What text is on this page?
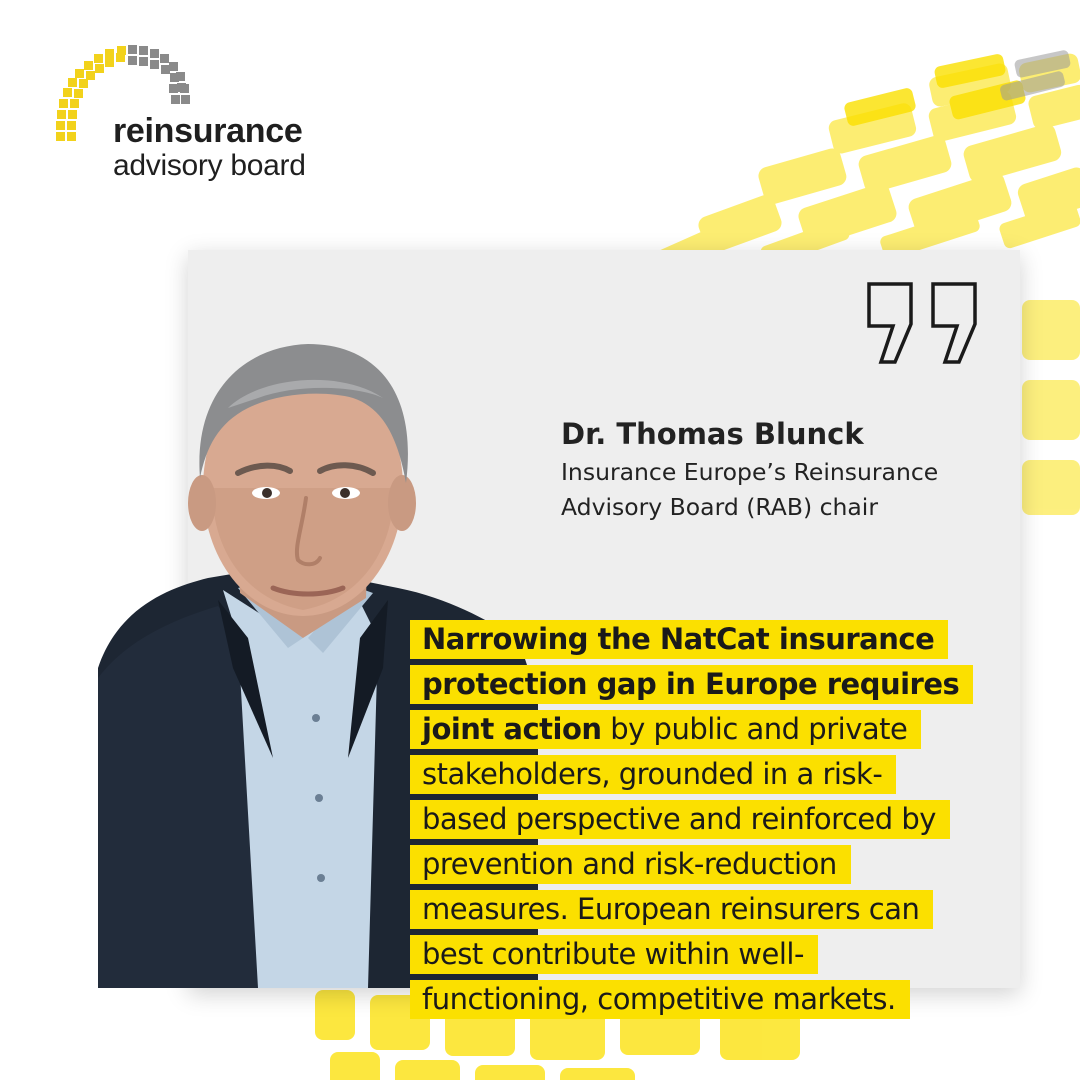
reinsurance
advisory board
Dr. Thomas Blunck
Insurance Europe’s Reinsurance
Advisory Board (RAB) chair
Narrowing the NatCat insurance
protection gap in Europe requires
joint action by public and private
stakeholders, grounded in a risk-
based perspective and reinforced by
prevention and risk-reduction
measures. European reinsurers can
best contribute within well-
functioning, competitive markets.
